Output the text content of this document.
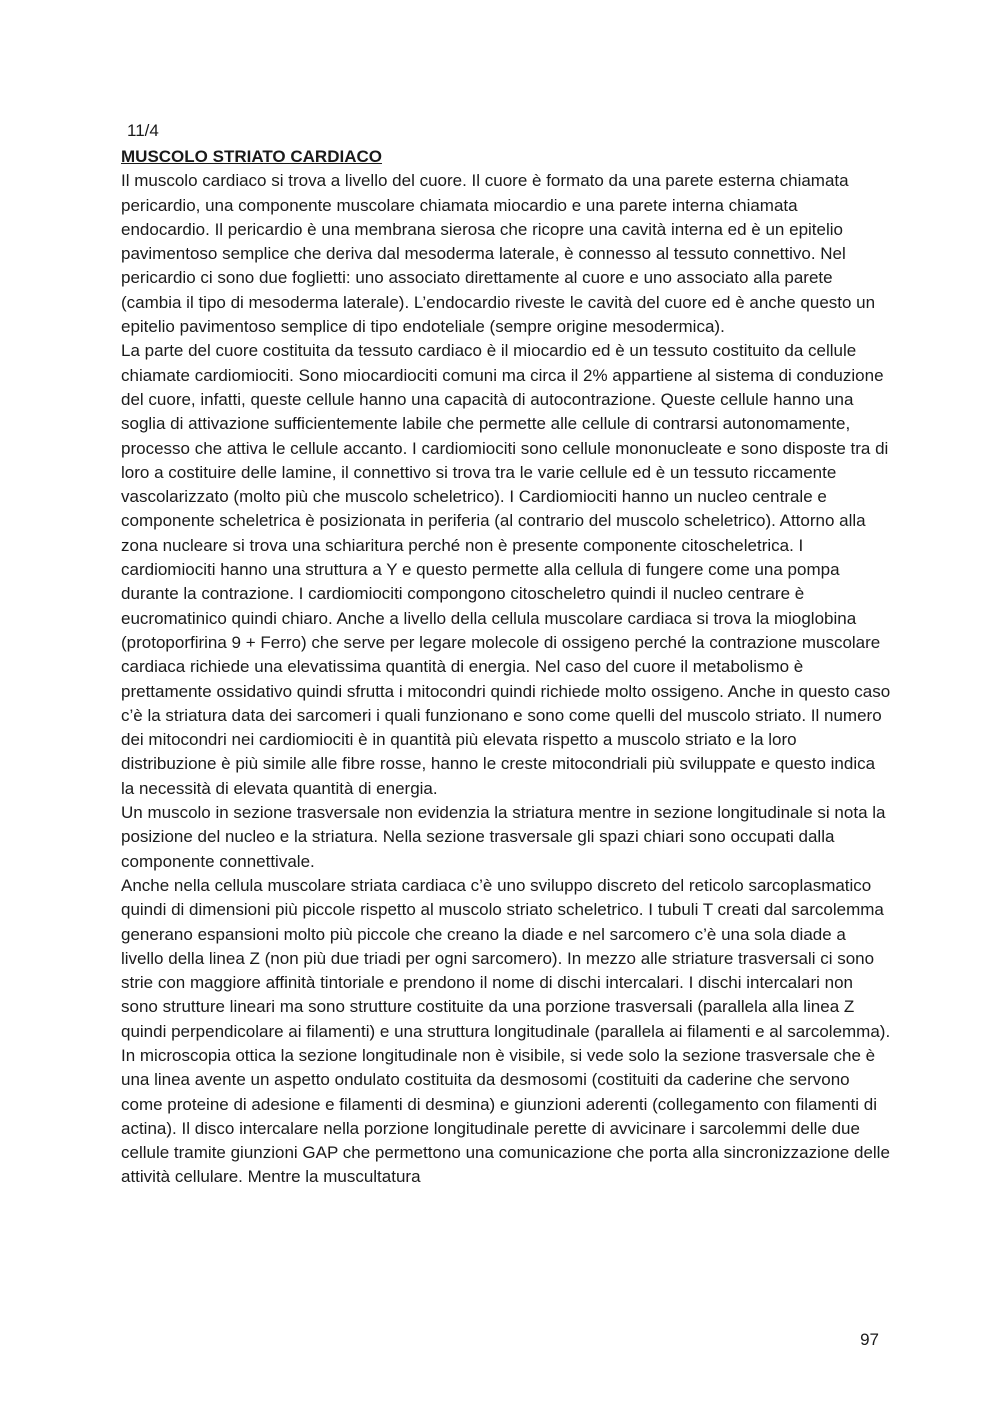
11/4

MUSCOLO STRIATO CARDIACO

Il muscolo cardiaco si trova a livello del cuore. Il cuore è formato da una parete esterna chiamata pericardio, una componente muscolare chiamata miocardio e una parete interna chiamata endocardio. Il pericardio è una membrana sierosa che ricopre una cavità interna ed è un epitelio pavimentoso semplice che deriva dal mesoderma laterale, è connesso al tessuto connettivo. Nel pericardio ci sono due foglietti: uno associato direttamente al cuore e uno associato alla parete (cambia il tipo di mesoderma laterale). L’endocardio riveste le cavità del cuore ed è anche questo un epitelio pavimentoso semplice di tipo endoteliale (sempre origine mesodermica).

La parte del cuore costituita da tessuto cardiaco è il miocardio ed è un tessuto costituito da cellule chiamate cardiomiociti. Sono miocardiociti comuni ma circa il 2% appartiene al sistema di conduzione del cuore, infatti, queste cellule hanno una capacità di autocontrazione. Queste cellule hanno una soglia di attivazione sufficientemente labile che permette alle cellule di contrarsi autonomamente, processo che attiva le cellule accanto. I cardiomiociti sono cellule mononucleate e sono disposte tra di loro a costituire delle lamine, il connettivo si trova tra le varie cellule ed è un tessuto riccamente vascolarizzato (molto più che muscolo scheletrico). I Cardiomiociti hanno un nucleo centrale e componente scheletrica è posizionata in periferia (al contrario del muscolo scheletrico). Attorno alla zona nucleare si trova una schiaritura perché non è presente componente citoscheletrica. I cardiomiociti hanno una struttura a Y e questo permette alla cellula di fungere come una pompa durante la contrazione. I cardiomiociti compongono citoscheletro quindi il nucleo centrare è eucromatinico quindi chiaro. Anche a livello della cellula muscolare cardiaca si trova la mioglobina (protoporfirina 9 + Ferro) che serve per legare molecole di ossigeno perché la contrazione muscolare cardiaca richiede una elevatissima quantità di energia. Nel caso del cuore il metabolismo è prettamente ossidativo quindi sfrutta i mitocondri quindi richiede molto ossigeno. Anche in questo caso c’è la striatura data dei sarcomeri i quali funzionano e sono come quelli del muscolo striato. Il numero dei mitocondri nei cardiomiociti è in quantità più elevata rispetto a muscolo striato e la loro distribuzione è più simile alle fibre rosse, hanno le creste mitocondriali più sviluppate e questo indica la necessità di elevata quantità di energia.

Un muscolo in sezione trasversale non evidenzia la striatura mentre in sezione longitudinale si nota la posizione del nucleo e la striatura. Nella sezione trasversale gli spazi chiari sono occupati dalla componente connettivale.

Anche nella cellula muscolare striata cardiaca c’è uno sviluppo discreto del reticolo sarcoplasmatico quindi di dimensioni più piccole rispetto al muscolo striato scheletrico. I tubuli T creati dal sarcolemma generano espansioni molto più piccole che creano la diade e nel sarcomero c’è una sola diade a livello della linea Z (non più due triadi per ogni sarcomero). In mezzo alle striature trasversali ci sono strie con maggiore affinità tintoriale e prendono il nome di dischi intercalari. I dischi intercalari non sono strutture lineari ma sono strutture costituite da una porzione trasversali (parallela alla linea Z quindi perpendicolare ai filamenti) e una struttura longitudinale (parallela ai filamenti e al sarcolemma). In microscopia ottica la sezione longitudinale non è visibile, si vede solo la sezione trasversale che è una linea avente un aspetto ondulato costituita da desmosomi (costituiti da caderine che servono come proteine di adesione e filamenti di desmina) e giunzioni aderenti (collegamento con filamenti di actina). Il disco intercalare nella porzione longitudinale perette di avvicinare i sarcolemmi delle due cellule tramite giunzioni GAP che permettono una comunicazione che porta alla sincronizzazione delle attività cellulare. Mentre la muscultatura

97
